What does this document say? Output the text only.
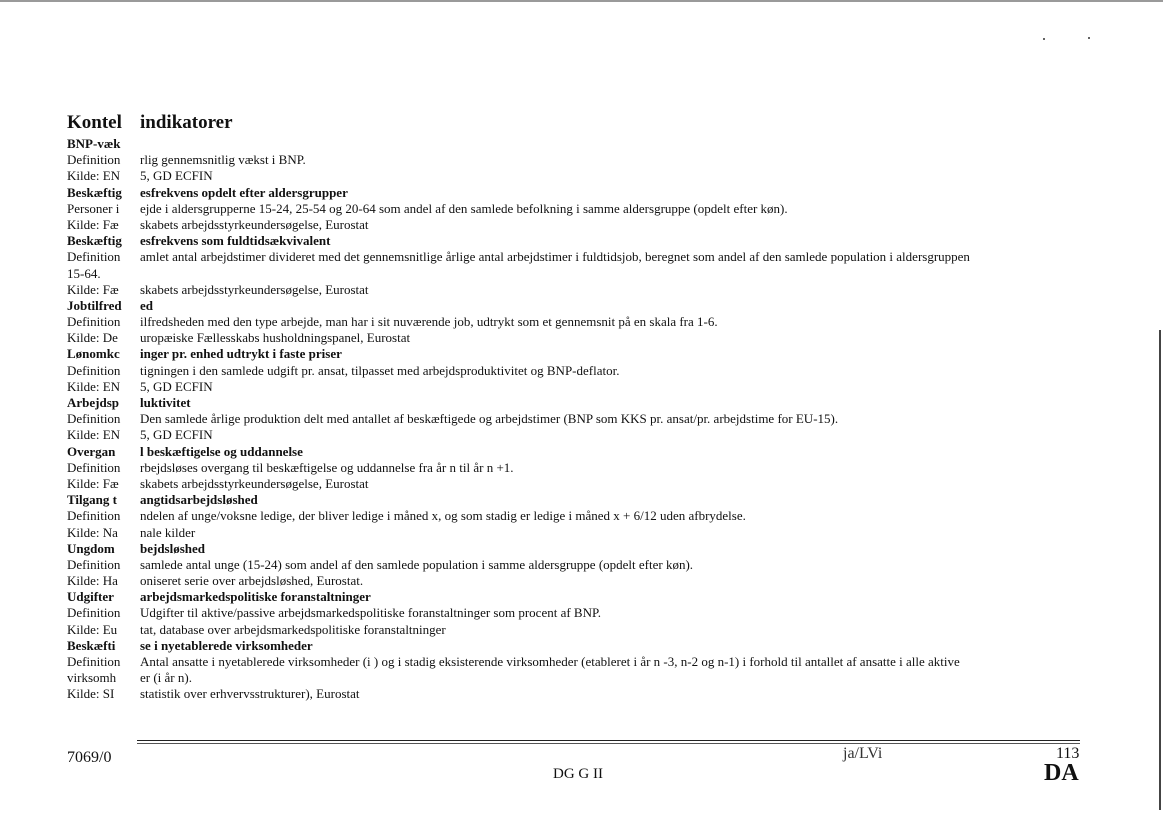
Kontel
BNP-væk
Definition
Kilde: EN
Beskæftig
Personer i
Kilde: Fæ
Beskæftig
Definition
15-64.
Kilde: Fæ
Jobtilfred
Definition
Kilde: De
Lønomkc
Definition
Kilde: EN
Arbejdsp
Definition
Kilde: EN
Overgan
Definition
Kilde: Fæ
Tilgang t
Definition
Kilde: Na
Ungdom
Definition
Kilde: Ha
Udgifter
Definition
Kilde: Eu
Beskæfti
Definition
virksomh
Kilde: SI
indikatorer
rlig gennemsnitlig vækst i BNP.
5, GD ECFIN
esfrekvens opdelt efter aldersgrupper
ejde i aldersgrupperne 15-24, 25-54 og 20-64 som andel af den samlede befolkning i samme aldersgruppe (opdelt efter køn).
skabets arbejdsstyrkeundersøgelse, Eurostat
esfrekvens som fuldtidsækvivalent
amlet antal arbejdstimer divideret med det gennemsnitlige årlige antal arbejdstimer i fuldtidsjob, beregnet som andel af den samlede population i aldersgruppen
skabets arbejdsstyrkeundersøgelse, Eurostat
ed
ilfredsheden med den type arbejde, man har i sit nuværende job, udtrykt som et gennemsnit på en skala fra 1-6.
uropæiske Fællesskabs husholdningspanel, Eurostat
inger pr. enhed udtrykt i faste priser
tigningen i den samlede udgift pr. ansat, tilpasset med arbejdsproduktivitet og BNP-deflator.
5, GD ECFIN
luktivitet
Den samlede årlige produktion delt med antallet af beskæftigede og arbejdstimer (BNP som KKS pr. ansat/pr. arbejdstime for EU-15).
5, GD ECFIN
l beskæftigelse og uddannelse
rbejdsløses overgang til beskæftigelse og uddannelse fra år n til år n +1.
skabets arbejdsstyrkeundersøgelse, Eurostat
angtidsarbejdsløshed
ndelen af unge/voksne ledige, der bliver ledige i måned x, og som stadig er ledige i måned x + 6/12 uden afbrydelse.
nale kilder
bejdsløshed
samlede antal unge (15-24) som andel af den samlede population i samme aldersgruppe (opdelt efter køn).
oniseret serie over arbejdsløshed, Eurostat.
arbejdsmarkedspolitiske foranstaltninger
Udgifter til aktive/passive arbejdsmarkedspolitiske foranstaltninger som procent af BNP.
tat, database over arbejdsmarkedspolitiske foranstaltninger
se i nyetablerede virksomheder
Antal ansatte i nyetablerede virksomheder (i ) og i stadig eksisterende virksomheder (etableret i år n -3, n-2 og n-1) i forhold til antallet af ansatte i alle aktive
er (i år n).
statistik over erhvervsstrukturer), Eurostat
7069/0
DG G II
ja/LVi	113
DA
